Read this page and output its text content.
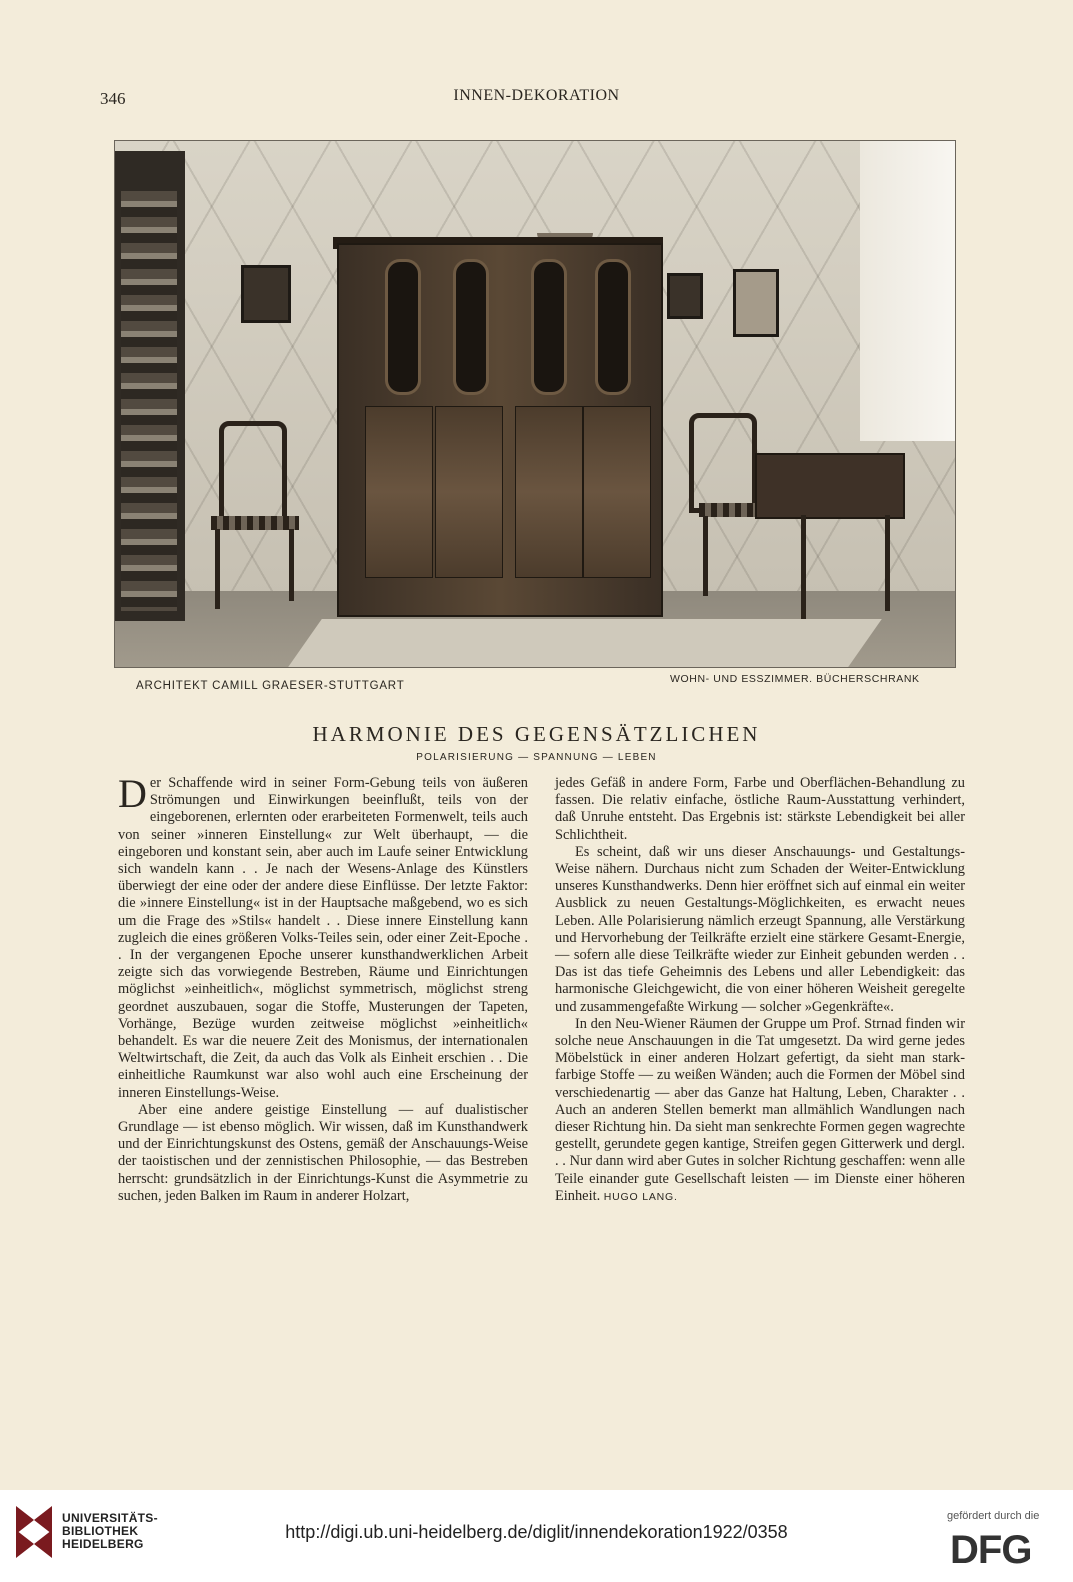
346	INNEN-DEKORATION
ARCHITEKT CAMILL GRAESER-STUTTGART
WOHN- UND ESSZIMMER. BÜCHERSCHRANK
HARMONIE DES GEGENSÄTZLICHEN
POLARISIERUNG — SPANNUNG — LEBEN

Der Schaffende wird in seiner Form-Gebung teils von äußeren Strömungen und Einwirkungen beeinflußt, teils von der eingeborenen, erlernten oder erarbeiteten Formenwelt, teils auch von seiner »inneren Einstellung« zur Welt überhaupt, — die eingeboren und konstant sein, aber auch im Laufe seiner Entwicklung sich wandeln kann . . Je nach der Wesens-Anlage des Künstlers überwiegt der eine oder der andere diese Einflüsse. Der letzte Faktor: die »innere Einstellung« ist in der Hauptsache maßgebend, wo es sich um die Frage des »Stils« handelt . . Diese innere Einstellung kann zugleich die eines größeren Volks-Teiles sein, oder einer Zeit-Epoche . . In der vergangenen Epoche unserer kunsthandwerklichen Arbeit zeigte sich das vorwiegende Bestreben, Räume und Einrichtungen möglichst »einheitlich«, möglichst symmetrisch, möglichst streng geordnet auszubauen, sogar die Stoffe, Musterungen der Tapeten, Vorhänge, Bezüge wurden zeitweise möglichst »einheitlich« behandelt. Es war die neuere Zeit des Monismus, der internationalen Weltwirtschaft, die Zeit, da auch das Volk als Einheit erschien . . Die einheitliche Raumkunst war also wohl auch eine Erscheinung der inneren Einstellungs-Weise.

Aber eine andere geistige Einstellung — auf dualistischer Grundlage — ist ebenso möglich. Wir wissen, daß im Kunsthandwerk und der Einrichtungskunst des Ostens, gemäß der Anschauungs-Weise der taoistischen und der zennistischen Philosophie, — das Bestreben herrscht: grundsätzlich in der Einrichtungs-Kunst die Asymmetrie zu suchen, jeden Balken im Raum in anderer Holzart,

jedes Gefäß in andere Form, Farbe und Oberflächen-Behandlung zu fassen. Die relativ einfache, östliche Raum-Ausstattung verhindert, daß Unruhe entsteht. Das Ergebnis ist: stärkste Lebendigkeit bei aller Schlichtheit.

Es scheint, daß wir uns dieser Anschauungs- und Gestaltungs-Weise nähern. Durchaus nicht zum Schaden der Weiter-Entwicklung unseres Kunsthandwerks. Denn hier eröffnet sich auf einmal ein weiter Ausblick zu neuen Gestaltungs-Möglichkeiten, es erwacht neues Leben. Alle Polarisierung nämlich erzeugt Spannung, alle Verstärkung und Hervorhebung der Teilkräfte erzielt eine stärkere Gesamt-Energie, — sofern alle diese Teilkräfte wieder zur Einheit gebunden werden . . Das ist das tiefe Geheimnis des Lebens und aller Lebendigkeit: das harmonische Gleichgewicht, die von einer höheren Weisheit geregelte und zusammengefaßte Wirkung — solcher »Gegenkräfte«.

In den Neu-Wiener Räumen der Gruppe um Prof. Strnad finden wir solche neue Anschauungen in die Tat umgesetzt. Da wird gerne jedes Möbelstück in einer anderen Holzart gefertigt, da sieht man stark-farbige Stoffe — zu weißen Wänden; auch die Formen der Möbel sind verschiedenartig — aber das Ganze hat Haltung, Leben, Charakter . . Auch an anderen Stellen bemerkt man allmählich Wandlungen nach dieser Richtung hin. Da sieht man senkrechte Formen gegen wagrechte gestellt, gerundete gegen kantige, Streifen gegen Gitterwerk und dergl. . . Nur dann wird aber Gutes in solcher Richtung geschaffen: wenn alle Teile einander gute Gesellschaft leisten — im Dienste einer höheren Einheit. HUGO LANG.

UNIVERSITÄTS-
BIBLIOTHEK
HEIDELBERG
http://digi.ub.uni-heidelberg.de/diglit/innendekoration1922/0358
gefördert durch die
DFG
